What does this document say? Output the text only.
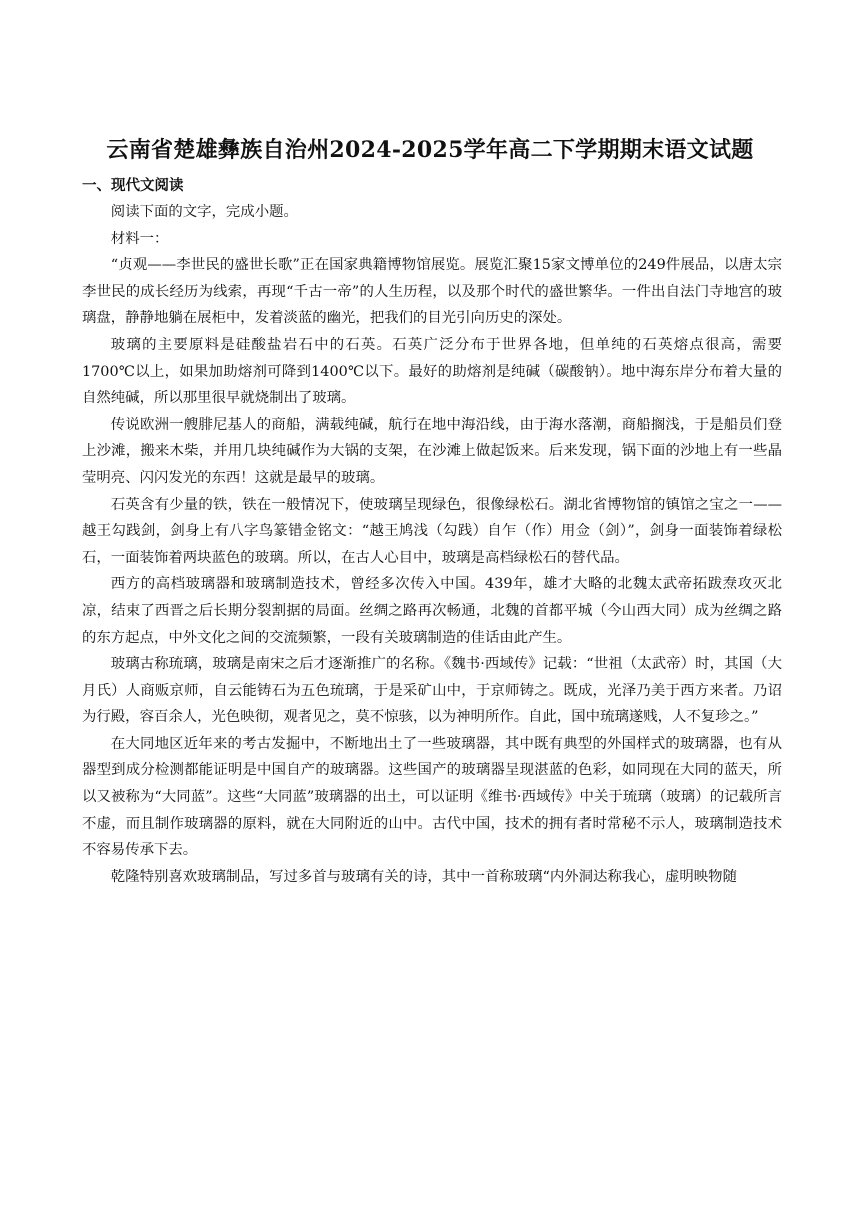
云南省楚雄彝族自治州2024-2025学年高二下学期期末语文试题
一、现代文阅读

阅读下面的文字，完成小题。

材料一：

“贞观——李世民的盛世长歌”正在国家典籍博物馆展览。展览汇聚15家文博单位的249件展品，以唐太宗李世民的成长经历为线索，再现“千古一帝”的人生历程，以及那个时代的盛世繁华。一件出自法门寺地宫的玻璃盘，静静地躺在展柜中，发着淡蓝的幽光，把我们的目光引向历史的深处。

玻璃的主要原料是硅酸盐岩石中的石英。石英广泛分布于世界各地，但单纯的石英熔点很高，需要1700℃以上，如果加助熔剂可降到1400℃以下。最好的助熔剂是纯碱（碳酸钠）。地中海东岸分布着大量的自然纯碱，所以那里很早就烧制出了玻璃。

传说欧洲一艘腓尼基人的商船，满载纯碱，航行在地中海沿线，由于海水落潮，商船搁浅，于是船员们登上沙滩，搬来木柴，并用几块纯碱作为大锅的支架，在沙滩上做起饭来。后来发现，锅下面的沙地上有一些晶莹明亮、闪闪发光的东西！这就是最早的玻璃。

石英含有少量的铁，铁在一般情况下，使玻璃呈现绿色，很像绿松石。湖北省博物馆的镇馆之宝之一——越王勾践剑，剑身上有八字鸟篆错金铭文：“越王鸠浅（勾践）自乍（作）用佥（剑）”，剑身一面装饰着绿松石，一面装饰着两块蓝色的玻璃。所以，在古人心目中，玻璃是高档绿松石的替代品。

西方的高档玻璃器和玻璃制造技术，曾经多次传入中国。439年，雄才大略的北魏太武帝拓跋焘攻灭北凉，结束了西晋之后长期分裂割据的局面。丝绸之路再次畅通，北魏的首都平城（今山西大同）成为丝绸之路的东方起点，中外文化之间的交流频繁，一段有关玻璃制造的佳话由此产生。

玻璃古称琉璃，玻璃是南宋之后才逐渐推广的名称。《魏书·西域传》记载：“世祖（太武帝）时，其国（大月氏）人商贩京师，自云能铸石为五色琉璃，于是采矿山中，于京师铸之。既成，光泽乃美于西方来者。乃诏为行殿，容百余人，光色映彻，观者见之，莫不惊骇，以为神明所作。自此，国中琉璃遂贱，人不复珍之。”

在大同地区近年来的考古发掘中，不断地出土了一些玻璃器，其中既有典型的外国样式的玻璃器，也有从器型到成分检测都能证明是中国自产的玻璃器。这些国产的玻璃器呈现湛蓝的色彩，如同现在大同的蓝天，所以又被称为“大同蓝”。这些“大同蓝”玻璃器的出土，可以证明《维书·西域传》中关于琉璃（玻璃）的记载所言不虚，而且制作玻璃器的原料，就在大同附近的山中。古代中国，技术的拥有者时常秘不示人，玻璃制造技术不容易传承下去。

乾隆特别喜欢玻璃制品，写过多首与玻璃有关的诗，其中一首称玻璃“内外洞达称我心，虚明映物随
